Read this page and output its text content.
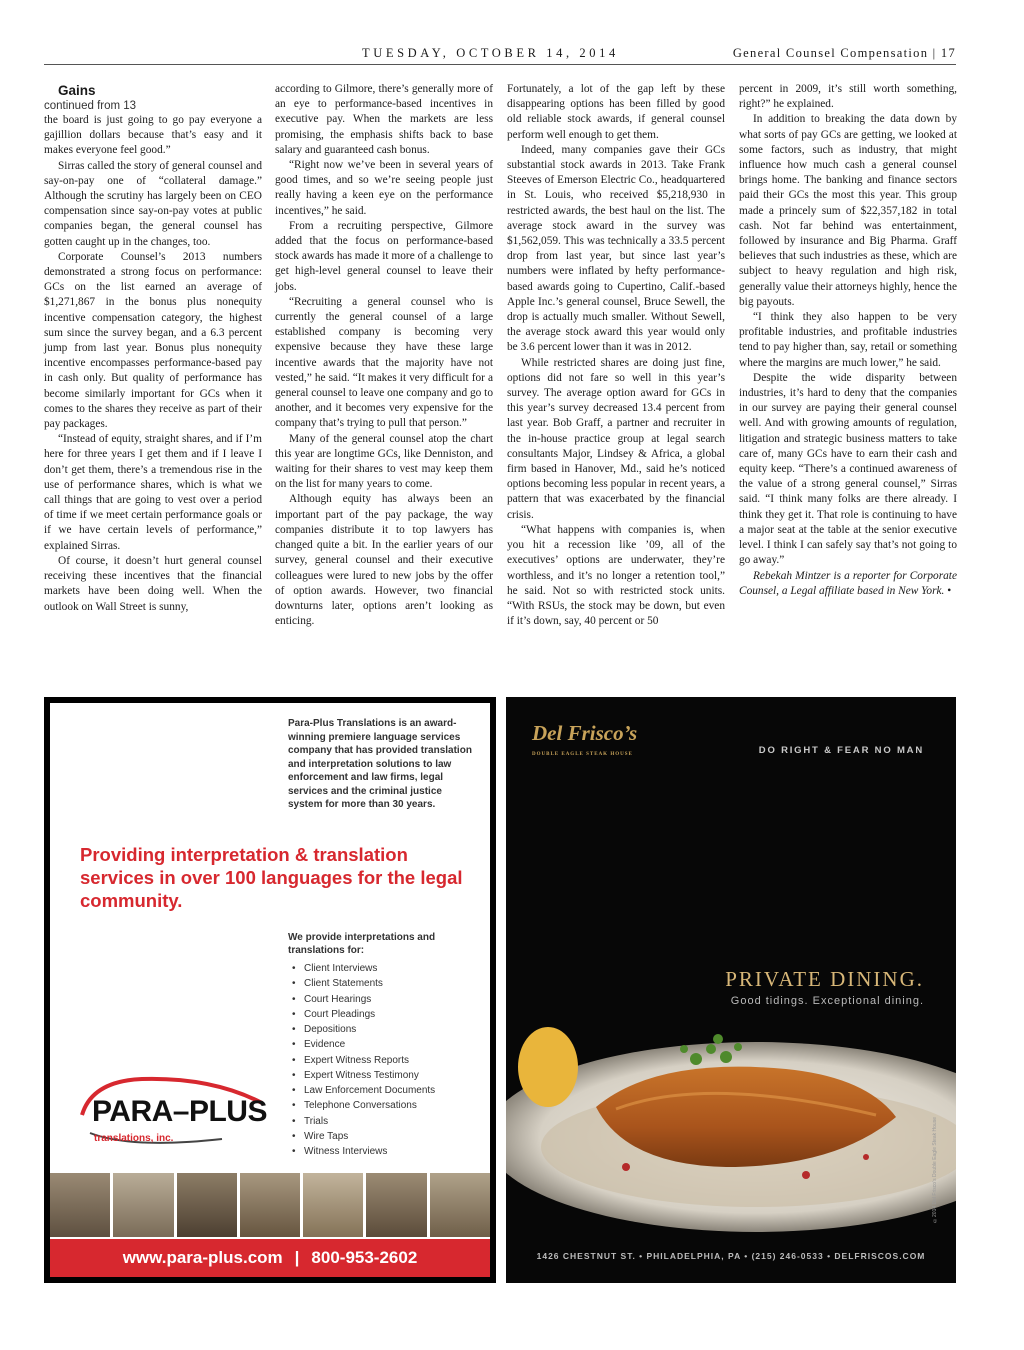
TUESDAY, OCTOBER 14, 2014	General Counsel Compensation | 17

Gains

continued from 13

the board is just going to go pay everyone a gajillion dollars because that’s easy and it makes everyone feel good.”

Sirras called the story of general counsel and say-on-pay one of “collateral damage.” Although the scrutiny has largely been on CEO compensation since say-on-pay votes at public companies began, the general counsel has gotten caught up in the changes, too.

Corporate Counsel’s 2013 numbers demonstrated a strong focus on performance: GCs on the list earned an average of $1,271,867 in the bonus plus nonequity incentive compensation category, the highest sum since the survey began, and a 6.3 percent jump from last year. Bonus plus nonequity incentive encompasses performance-based pay in cash only. But quality of performance has become similarly important for GCs when it comes to the shares they receive as part of their pay packages.

“Instead of equity, straight shares, and if I’m here for three years I get them and if I leave I don’t get them, there’s a tremendous rise in the use of performance shares, which is what we call things that are going to vest over a period of time if we meet certain performance goals or if we have certain levels of performance,” explained Sirras.

Of course, it doesn’t hurt general counsel receiving these incentives that the financial markets have been doing well. When the outlook on Wall Street is sunny,

according to Gilmore, there’s generally more of an eye to performance-based incentives in executive pay. When the markets are less promising, the emphasis shifts back to base salary and guaranteed cash bonus.

“Right now we’ve been in several years of good times, and so we’re seeing people just really having a keen eye on the performance incentives,” he said.

From a recruiting perspective, Gilmore added that the focus on performance-based stock awards has made it more of a challenge to get high-level general counsel to leave their jobs.

“Recruiting a general counsel who is currently the general counsel of a large established company is becoming very expensive because they have these large incentive awards that the majority have not vested,” he said. “It makes it very difficult for a general counsel to leave one company and go to another, and it becomes very expensive for the company that’s trying to pull that person.”

Many of the general counsel atop the chart this year are longtime GCs, like Denniston, and waiting for their shares to vest may keep them on the list for many years to come.

Although equity has always been an important part of the pay package, the way companies distribute it to top lawyers has changed quite a bit. In the earlier years of our survey, general counsel and their executive colleagues were lured to new jobs by the offer of option awards. However, two financial downturns later, options aren’t looking as enticing.

Fortunately, a lot of the gap left by these disappearing options has been filled by good old reliable stock awards, if general counsel perform well enough to get them.

Indeed, many companies gave their GCs substantial stock awards in 2013. Take Frank Steeves of Emerson Electric Co., headquartered in St. Louis, who received $5,218,930 in restricted awards, the best haul on the list. The average stock award in the survey was $1,562,059. This was technically a 33.5 percent drop from last year, but since last year’s numbers were inflated by hefty performance-based awards going to Cupertino, Calif.-based Apple Inc.’s general counsel, Bruce Sewell, the drop is actually much smaller. Without Sewell, the average stock award this year would only be 3.6 percent lower than it was in 2012.

While restricted shares are doing just fine, options did not fare so well in this year’s survey. The average option award for GCs in this year’s survey decreased 13.4 percent from last year. Bob Graff, a partner and recruiter in the in-house practice group at legal search consultants Major, Lindsey & Africa, a global firm based in Hanover, Md., said he’s noticed options becoming less popular in recent years, a pattern that was exacerbated by the financial crisis.

“What happens with companies is, when you hit a recession like ’09, all of the executives’ options are underwater, they’re worthless, and it’s no longer a retention tool,” he said. Not so with restricted stock units. “With RSUs, the stock may be down, but even if it’s down, say, 40 percent or 50

percent in 2009, it’s still worth something, right?” he explained.

In addition to breaking the data down by what sorts of pay GCs are getting, we looked at some factors, such as industry, that might influence how much cash a general counsel brings home. The banking and finance sectors paid their GCs the most this year. This group made a princely sum of $22,357,182 in total cash. Not far behind was entertainment, followed by insurance and Big Pharma. Graff believes that such industries as these, which are subject to heavy regulation and high risk, generally value their attorneys highly, hence the big payouts.

“I think they also happen to be very profitable industries, and profitable industries tend to pay higher than, say, retail or something where the margins are much lower,” he said.

Despite the wide disparity between industries, it’s hard to deny that the companies in our survey are paying their general counsel well. And with growing amounts of regulation, litigation and strategic business matters to take care of, many GCs have to earn their cash and equity keep. “There’s a continued awareness of the value of a strong general counsel,” Sirras said. “I think many folks are there already. I think they get it. That role is continuing to have a major seat at the table at the senior executive level. I think I can safely say that’s not going to go away.”

Rebekah Mintzer is a reporter for Corporate Counsel, a Legal affiliate based in New York. •

Para-Plus Translations is an award-winning premiere language services company that has provided translation and interpretation solutions to law enforcement and law firms, legal services and the criminal justice system for more than 30 years.
Providing interpretation & translation services in over 100 languages for the legal community.
We provide interpretations and translations for:
• Client Interviews
• Client Statements
• Court Hearings
• Court Pleadings
• Depositions
• Evidence
• Expert Witness Reports
• Expert Witness Testimony
• Law Enforcement Documents
• Telephone Conversations
• Trials
• Wire Taps
• Witness Interviews
PARA–PLUS
translations, inc.
www.para-plus.com | 800-953-2602
Del Frisco’s
DOUBLE EAGLE STEAK HOUSE	DO RIGHT & FEAR NO MAN
PRIVATE DINING.
Good tidings. Exceptional dining.
©2014 Del Frisco’s Double Eagle Steak House
1426 CHESTNUT ST. • PHILADELPHIA, PA • (215) 246-0533 • DELFRISCOS.COM
